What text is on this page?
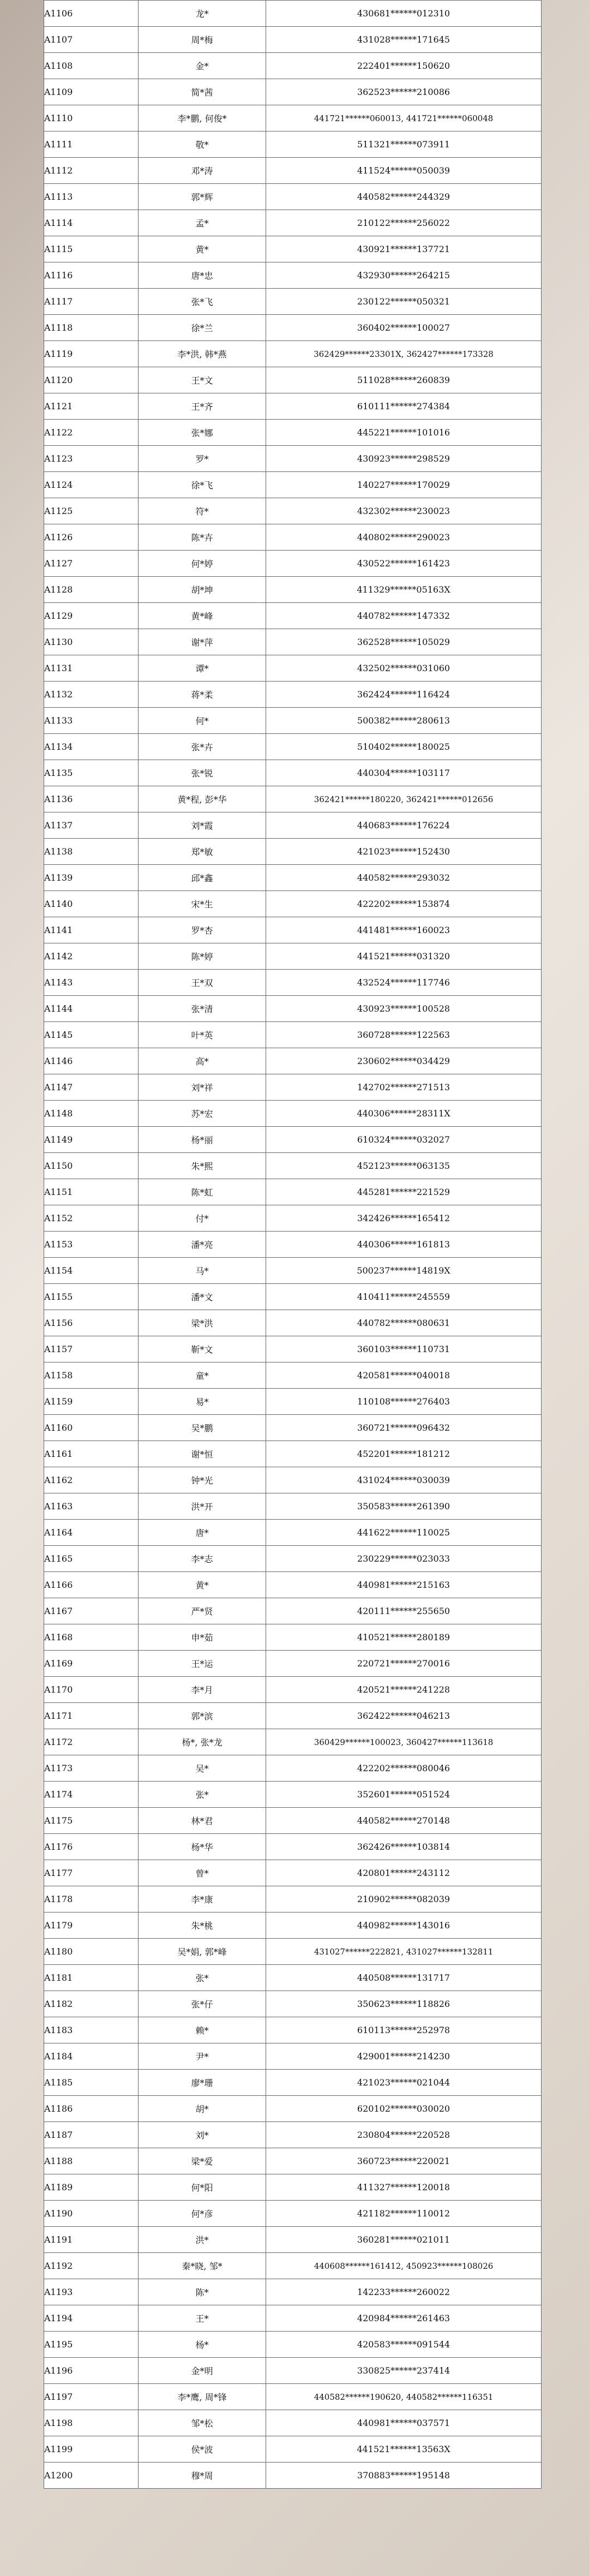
A1106	龙*	430681******012310
A1107	周*梅	431028******171645
A1108	金*	222401******150620
A1109	简*茜	362523******210086
A1110	李*鹏, 何俊*	441721******060013, 441721******060048
A1111	敬*	511321******073911
A1112	邓*涛	411524******050039
A1113	郭*辉	440582******244329
A1114	孟*	210122******256022
A1115	黄*	430921******137721
A1116	唐*忠	432930******264215
A1117	张*飞	230122******050321
A1118	徐*兰	360402******100027
A1119	李*洪, 韩*燕	362429******23301X, 362427******173328
A1120	王*文	511028******260839
A1121	王*齐	610111******274384
A1122	张*娜	445221******101016
A1123	罗*	430923******298529
A1124	徐*飞	140227******170029
A1125	符*	432302******230023
A1126	陈*卉	440802******290023
A1127	何*婷	430522******161423
A1128	胡*坤	411329******05163X
A1129	黄*峰	440782******147332
A1130	谢*萍	362528******105029
A1131	谭*	432502******031060
A1132	蒋*柔	362424******116424
A1133	何*	500382******280613
A1134	张*卉	510402******180025
A1135	张*锐	440304******103117
A1136	黄*程, 彭*华	362421******180220, 362421******012656
A1137	刘*霞	440683******176224
A1138	郑*敏	421023******152430
A1139	邱*鑫	440582******293032
A1140	宋*生	422202******153874
A1141	罗*杏	441481******160023
A1142	陈*婷	441521******031320
A1143	王*双	432524******117746
A1144	张*清	430923******100528
A1145	叶*英	360728******122563
A1146	高*	230602******034429
A1147	刘*祥	142702******271513
A1148	苏*宏	440306******28311X
A1149	杨*丽	610324******032027
A1150	朱*熙	452123******063135
A1151	陈*虹	445281******221529
A1152	付*	342426******165412
A1153	潘*亮	440306******161813
A1154	马*	500237******14819X
A1155	潘*文	410411******245559
A1156	梁*洪	440782******080631
A1157	靳*文	360103******110731
A1158	童*	420581******040018
A1159	易*	110108******276403
A1160	吴*鹏	360721******096432
A1161	谢*恒	452201******181212
A1162	钟*光	431024******030039
A1163	洪*开	350583******261390
A1164	唐*	441622******110025
A1165	李*志	230229******023033
A1166	黄*	440981******215163
A1167	严*贤	420111******255650
A1168	申*茹	410521******280189
A1169	王*运	220721******270016
A1170	李*月	420521******241228
A1171	郭*滨	362422******046213
A1172	杨*, 张*龙	360429******100023, 360427******113618
A1173	吴*	422202******080046
A1174	张*	352601******051524
A1175	林*君	440582******270148
A1176	杨*华	362426******103814
A1177	曾*	420801******243112
A1178	李*康	210902******082039
A1179	朱*桃	440982******143016
A1180	吴*娟, 郭*峰	431027******222821, 431027******132811
A1181	张*	440508******131717
A1182	张*仔	350623******118826
A1183	赖*	610113******252978
A1184	尹*	429001******214230
A1185	廖*珊	421023******021044
A1186	胡*	620102******030020
A1187	刘*	230804******220528
A1188	梁*爱	360723******220021
A1189	何*阳	411327******120018
A1190	何*彦	421182******110012
A1191	洪*	360281******021011
A1192	秦*晓, 邹*	440608******161412, 450923******108026
A1193	陈*	142233******260022
A1194	王*	420984******261463
A1195	杨*	420583******091544
A1196	金*明	330825******237414
A1197	李*鹰, 周*锋	440582******190620, 440582******116351
A1198	邹*松	440981******037571
A1199	侯*波	441521******13563X
A1200	穆*周	370883******195148
